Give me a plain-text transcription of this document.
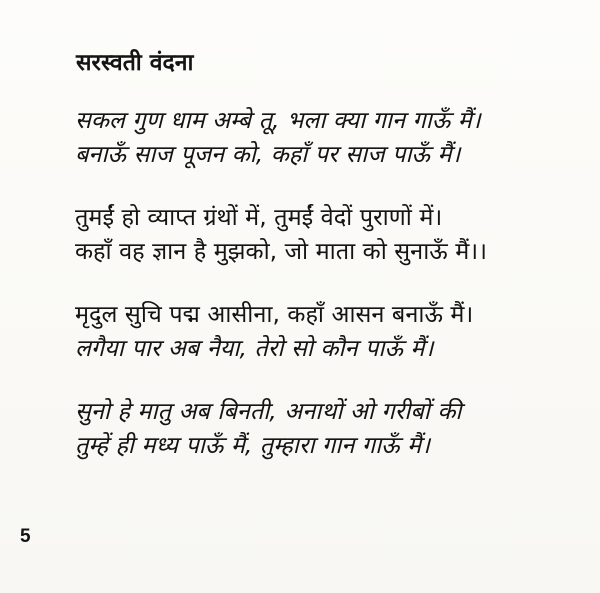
सरस्वती वंदना
सकल गुण धाम अम्बे तू, भला क्या गान गाऊँ मैं।
बनाऊँ साज पूजन को, कहाँ पर साज पाऊँ मैं।
तुमईं हो व्याप्त ग्रंथों में, तुमईं वेदों पुराणों में।
कहाँ वह ज्ञान है मुझको, जो माता को सुनाऊँ मैं।।
मृदुल सुचि पद्म आसीना, कहाँ आसन बनाऊँ मैं।
लगैया पार अब नैया, तेरो सो कौन पाऊँ मैं।
सुनो हे मातु अब बिनती, अनाथों ओ गरीबों की
तुम्हें ही मध्य पाऊँ मैं, तुम्हारा गान गाऊँ मैं।
5
